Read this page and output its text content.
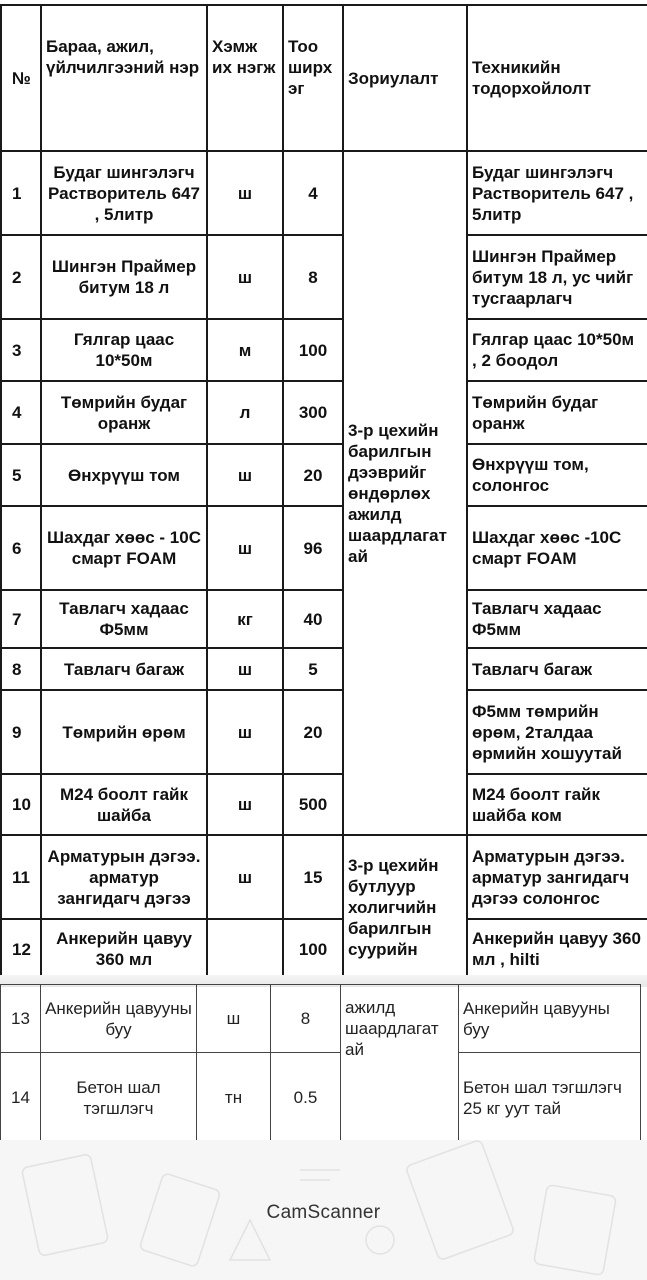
№	Бараа, ажил, үйлчилгээний нэр	Хэмж их нэгж	Тоо ширх эг	Зориулалт	Техникийн тодорхойлолт
1	Будаг шингэлэгч Растворитель 647 , 5литр	ш	4	3-р цехийн барилгын дээврийг өндөрлөх ажилд шаардлагат ай	Будаг шингэлэгч Растворитель 647 , 5литр
2	Шингэн Праймер битум 18 л	ш	8		Шингэн Праймер битум 18 л, ус чийг тусгаарлагч
3	Гялгар цаас 10*50м	м	100		Гялгар цаас 10*50м , 2 боодол
4	Төмрийн будаг оранж	л	300		Төмрийн будаг оранж
5	Өнхрүүш том	ш	20		Өнхрүүш том, солонгос
6	Шахдаг хөөс - 10С смарт FOAM	ш	96		Шахдаг хөөс -10С смарт FOAM
7	Тавлагч хадаас Ф5мм	кг	40		Тавлагч хадаас Ф5мм
8	Тавлагч багаж	ш	5		Тавлагч багаж
9	Төмрийн өрөм	ш	20		Ф5мм төмрийн өрөм, 2талдаа өрмийн хошуутай
10	М24 боолт гайк шайба	ш	500		М24 боолт гайк шайба ком
11	Арматурын дэгээ. арматур зангидагч дэгээ	ш	15	3-р цехийн бутлуур холигчийн барилгын суурийн	Арматурын дэгээ. арматур зангидагч дэгээ солонгос
12	Анкерийн цавуу 360 мл		100		Анкерийн цавуу 360 мл , hilti
13	Анкерийн цавууны буу	ш	8	ажилд шаардлагат ай	Анкерийн цавууны буу
14	Бетон шал тэгшлэгч	тн	0.5		Бетон шал тэгшлэгч 25 кг уут тай
CamScanner
